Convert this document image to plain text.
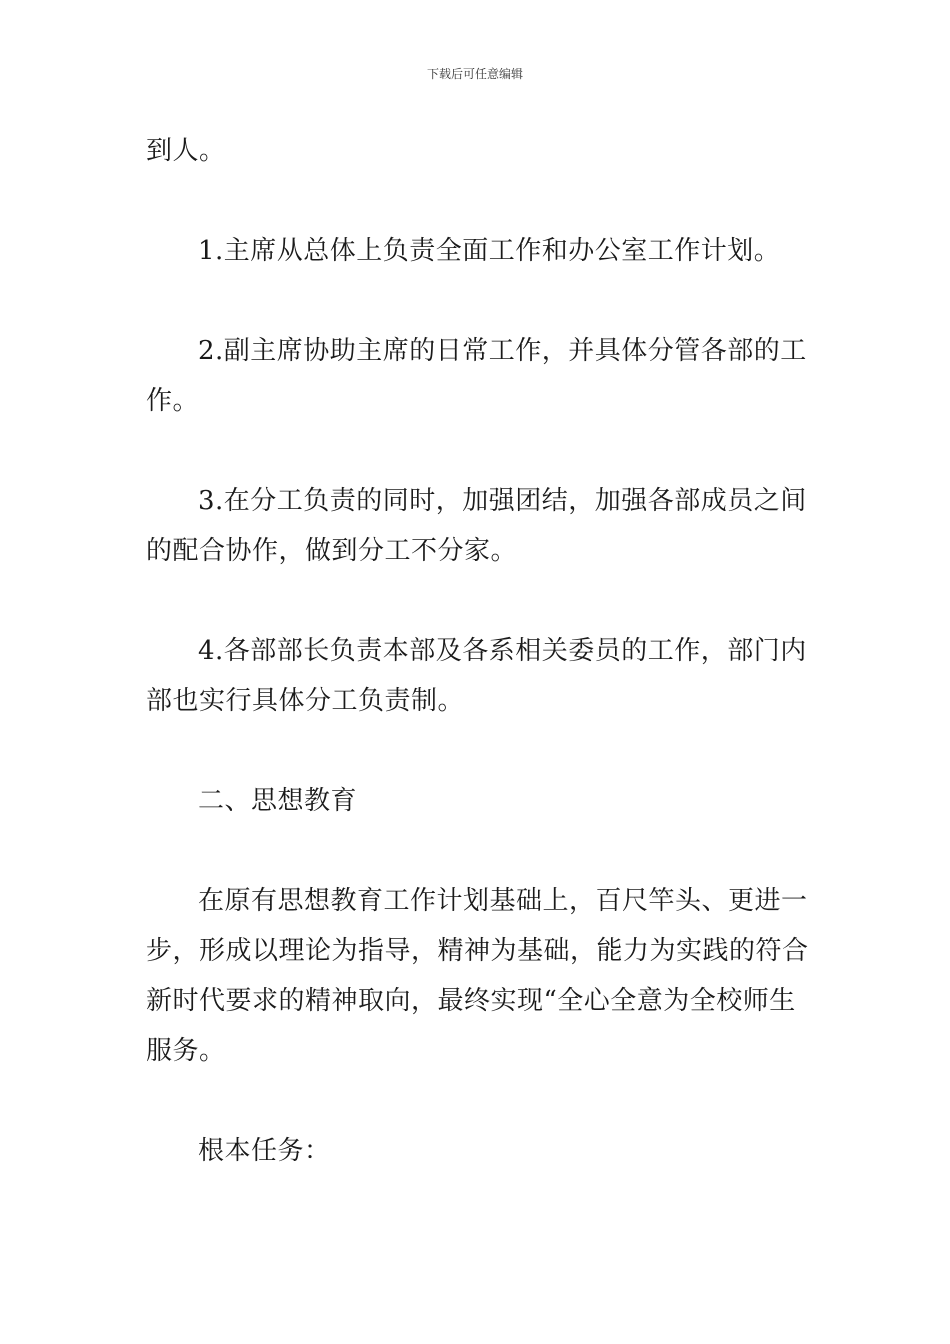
下载后可任意编辑

到人。

1.主席从总体上负责全面工作和办公室工作计划。

2.副主席协助主席的日常工作，并具体分管各部的工
作。

3.在分工负责的同时，加强团结，加强各部成员之间
的配合协作，做到分工不分家。

4.各部部长负责本部及各系相关委员的工作，部门内
部也实行具体分工负责制。

二、思想教育

在原有思想教育工作计划基础上，百尺竿头、更进一
步，形成以理论为指导，精神为基础，能力为实践的符合
新时代要求的精神取向，最终实现“全心全意为全校师生
服务。

根本任务：
